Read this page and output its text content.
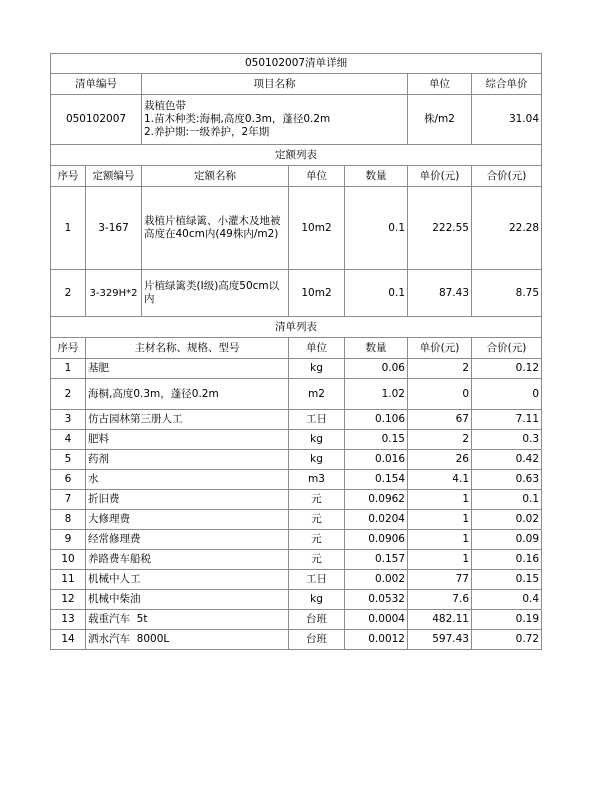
050102007清单详细						
清单编号		项目名称			单位	综合单价
050102007		栽植色带
1.苗木种类:海桐,高度0.3m，蓬径0.2m
2.养护期:一级养护，2年期			株/m2	31.04
定额列表						
序号	定额编号	定额名称	单位	数量	单价(元)	合价(元)
1	3-167	栽植片植绿篱、小灌木及地被高度在40cm内(49株内/m2)	10m2	0.1	222.55	22.28
2	3-329H*2	片植绿篱类(I级)高度50cm以内	10m2	0.1	87.43	8.75
清单列表						
序号	主材名称、规格、型号		单位	数量	单价(元)	合价(元)
1	基肥		kg	0.06	2	0.12
2	海桐,高度0.3m，蓬径0.2m		m2	1.02	0	0
3	仿古园林第三册人工		工日	0.106	67	7.11
4	肥料		kg	0.15	2	0.3
5	药剂		kg	0.016	26	0.42
6	水		m3	0.154	4.1	0.63
7	折旧费		元	0.0962	1	0.1
8	大修理费		元	0.0204	1	0.02
9	经常修理费		元	0.0906	1	0.09
10	养路费车船税		元	0.157	1	0.16
11	机械中人工		工日	0.002	77	0.15
12	机械中柴油		kg	0.0532	7.6	0.4
13	载重汽车  5t		台班	0.0004	482.11	0.19
14	洒水汽车  8000L		台班	0.0012	597.43	0.72
